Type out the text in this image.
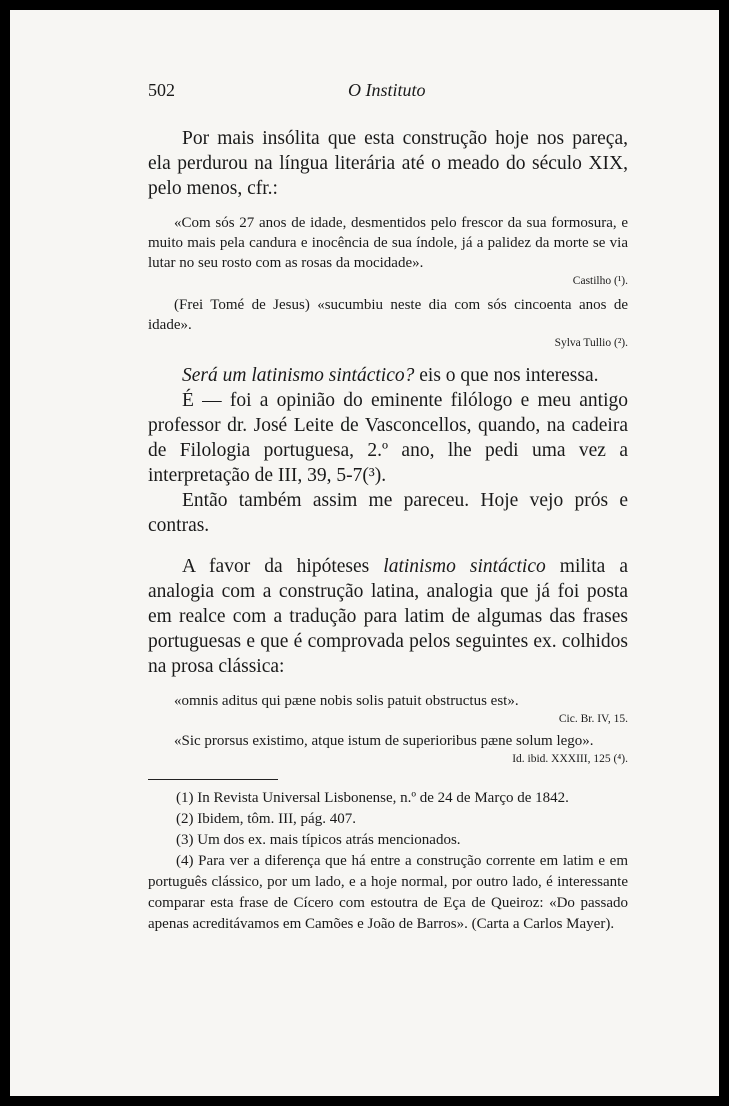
502	O Instituto

Por mais insólita que esta construção hoje nos pareça, ela perdurou na língua literária até o meado do século XIX, pelo menos, cfr.:

«Com sós 27 anos de idade, desmentidos pelo frescor da sua formosura, e muito mais pela candura e inocência de sua índole, já a palidez da morte se via lutar no seu rosto com as rosas da mocidade».

Castilho (¹).

(Frei Tomé de Jesus) «sucumbiu neste dia com sós cincoenta anos de idade».

Sylva Tullio (²).

Será um latinismo sintáctico? eis o que nos interessa.

É — foi a opinião do eminente filólogo e meu antigo professor dr. José Leite de Vasconcellos, quando, na cadeira de Filologia portuguesa, 2.º ano, lhe pedi uma vez a interpretação de III, 39, 5-7(³).

Então também assim me pareceu. Hoje vejo prós e contras.

A favor da hipóteses latinismo sintáctico milita a analogia com a construção latina, analogia que já foi posta em realce com a tradução para latim de algumas das frases portuguesas e que é comprovada pelos seguintes ex. colhidos na prosa clássica:

«omnis aditus qui pæne nobis solis patuit obstructus est».

Cic. Br. IV, 15.

«Sic prorsus existimo, atque istum de superioribus pæne solum lego».

Id. ibid. XXXIII, 125 (⁴).

(1) In Revista Universal Lisbonense, n.º de 24 de Março de 1842.

(2) Ibidem, tôm. III, pág. 407.

(3) Um dos ex. mais típicos atrás mencionados.

(4) Para ver a diferença que há entre a construção corrente em latim e em português clássico, por um lado, e a hoje normal, por outro lado, é interessante comparar esta frase de Cícero com estoutra de Eça de Queiroz: «Do passado apenas acreditávamos em Camões e João de Barros». (Carta a Carlos Mayer).
